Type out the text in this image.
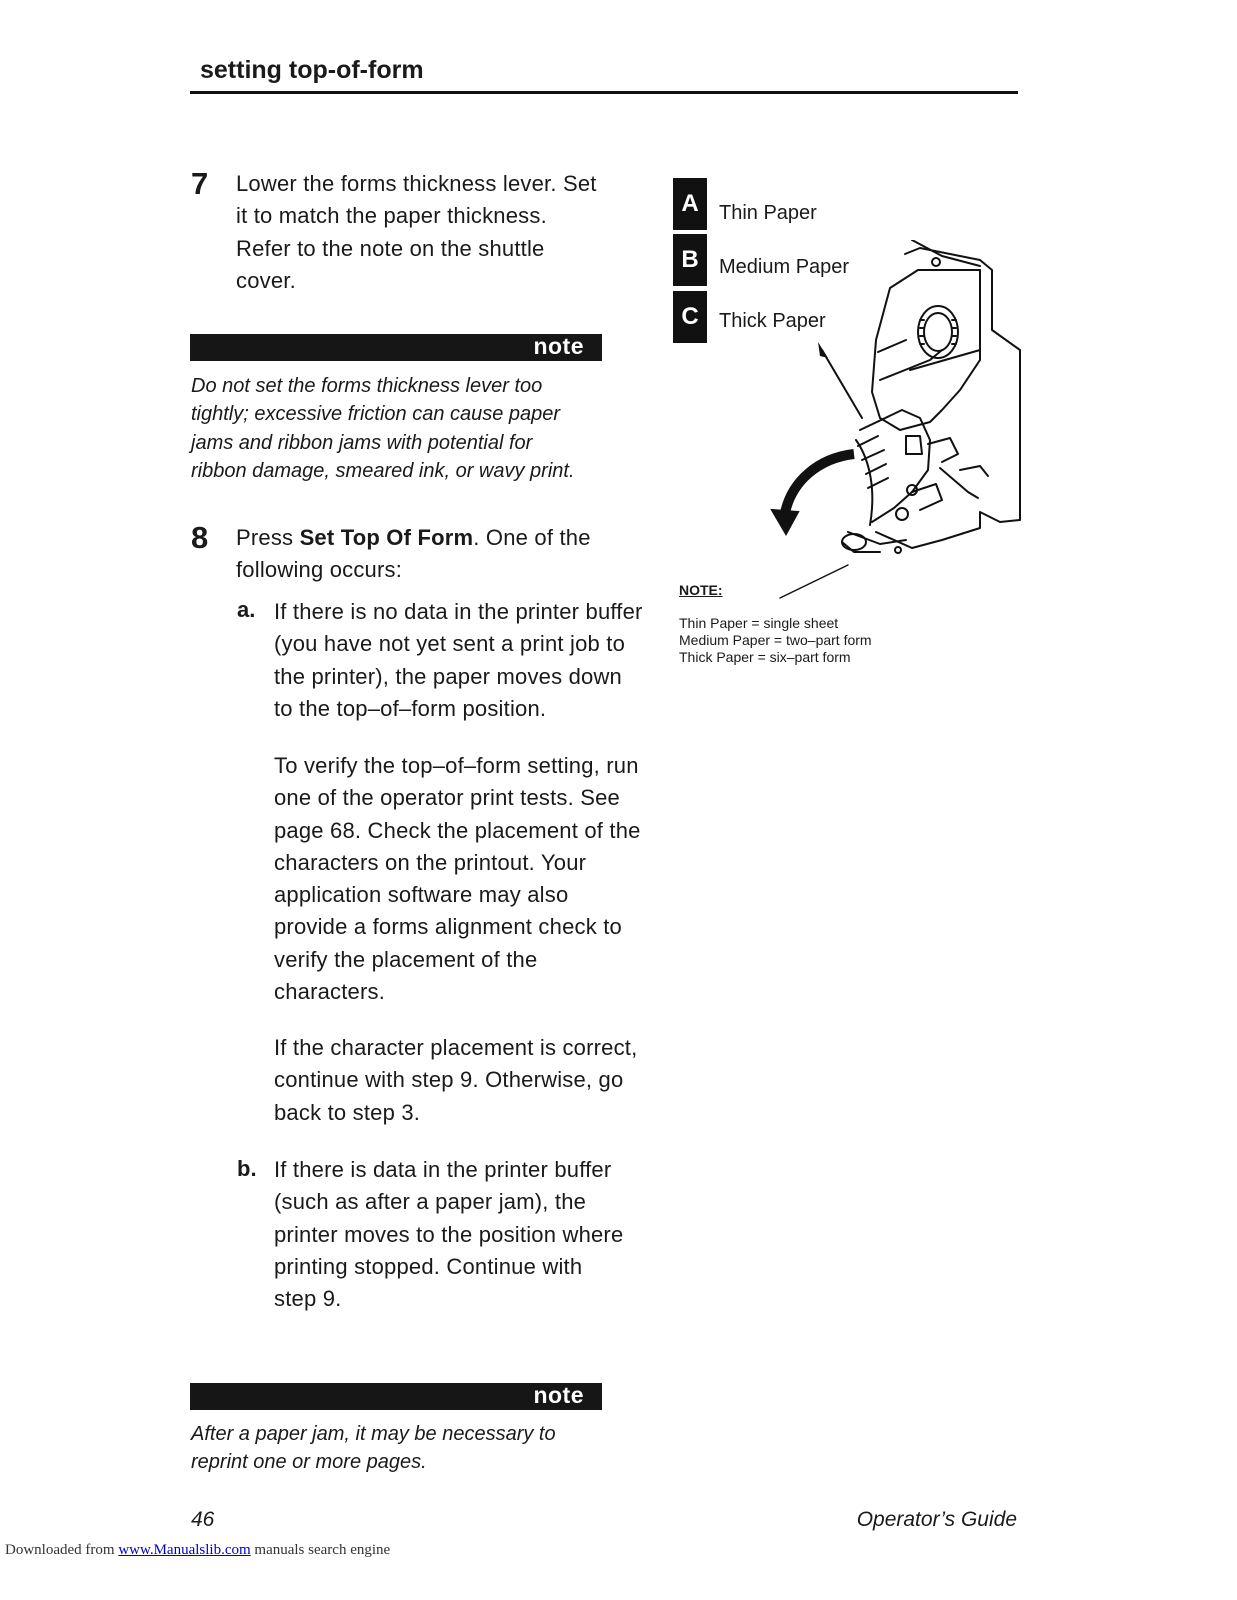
setting top-of-form
7 Lower the forms thickness lever. Set
it to match the paper thickness.
Refer to the note on the shuttle
cover.
note
Do not set the forms thickness lever too
tightly; excessive friction can cause paper
jams and ribbon jams with potential for
ribbon damage, smeared ink, or wavy print.
8 Press Set Top Of Form. One of the
following occurs:
a. If there is no data in the printer buffer
(you have not yet sent a print job to
the printer), the paper moves down
to the top–of–form position.
To verify the top–of–form setting, run
one of the operator print tests. See
page 68. Check the placement of the
characters on the printout. Your
application software may also
provide a forms alignment check to
verify the placement of the
characters.
If the character placement is correct,
continue with step 9. Otherwise, go
back to step 3.
b. If there is data in the printer buffer
(such as after a paper jam), the
printer moves to the position where
printing stopped. Continue with
step 9.
note
After a paper jam, it may be necessary to
reprint one or more pages.
A
B
C
Thin Paper
Medium Paper
Thick Paper
NOTE:
Thin Paper = single sheet
Medium Paper = two–part form
Thick Paper = six–part form
46	Operator’s Guide
Downloaded from www.Manualslib.com manuals search engine
